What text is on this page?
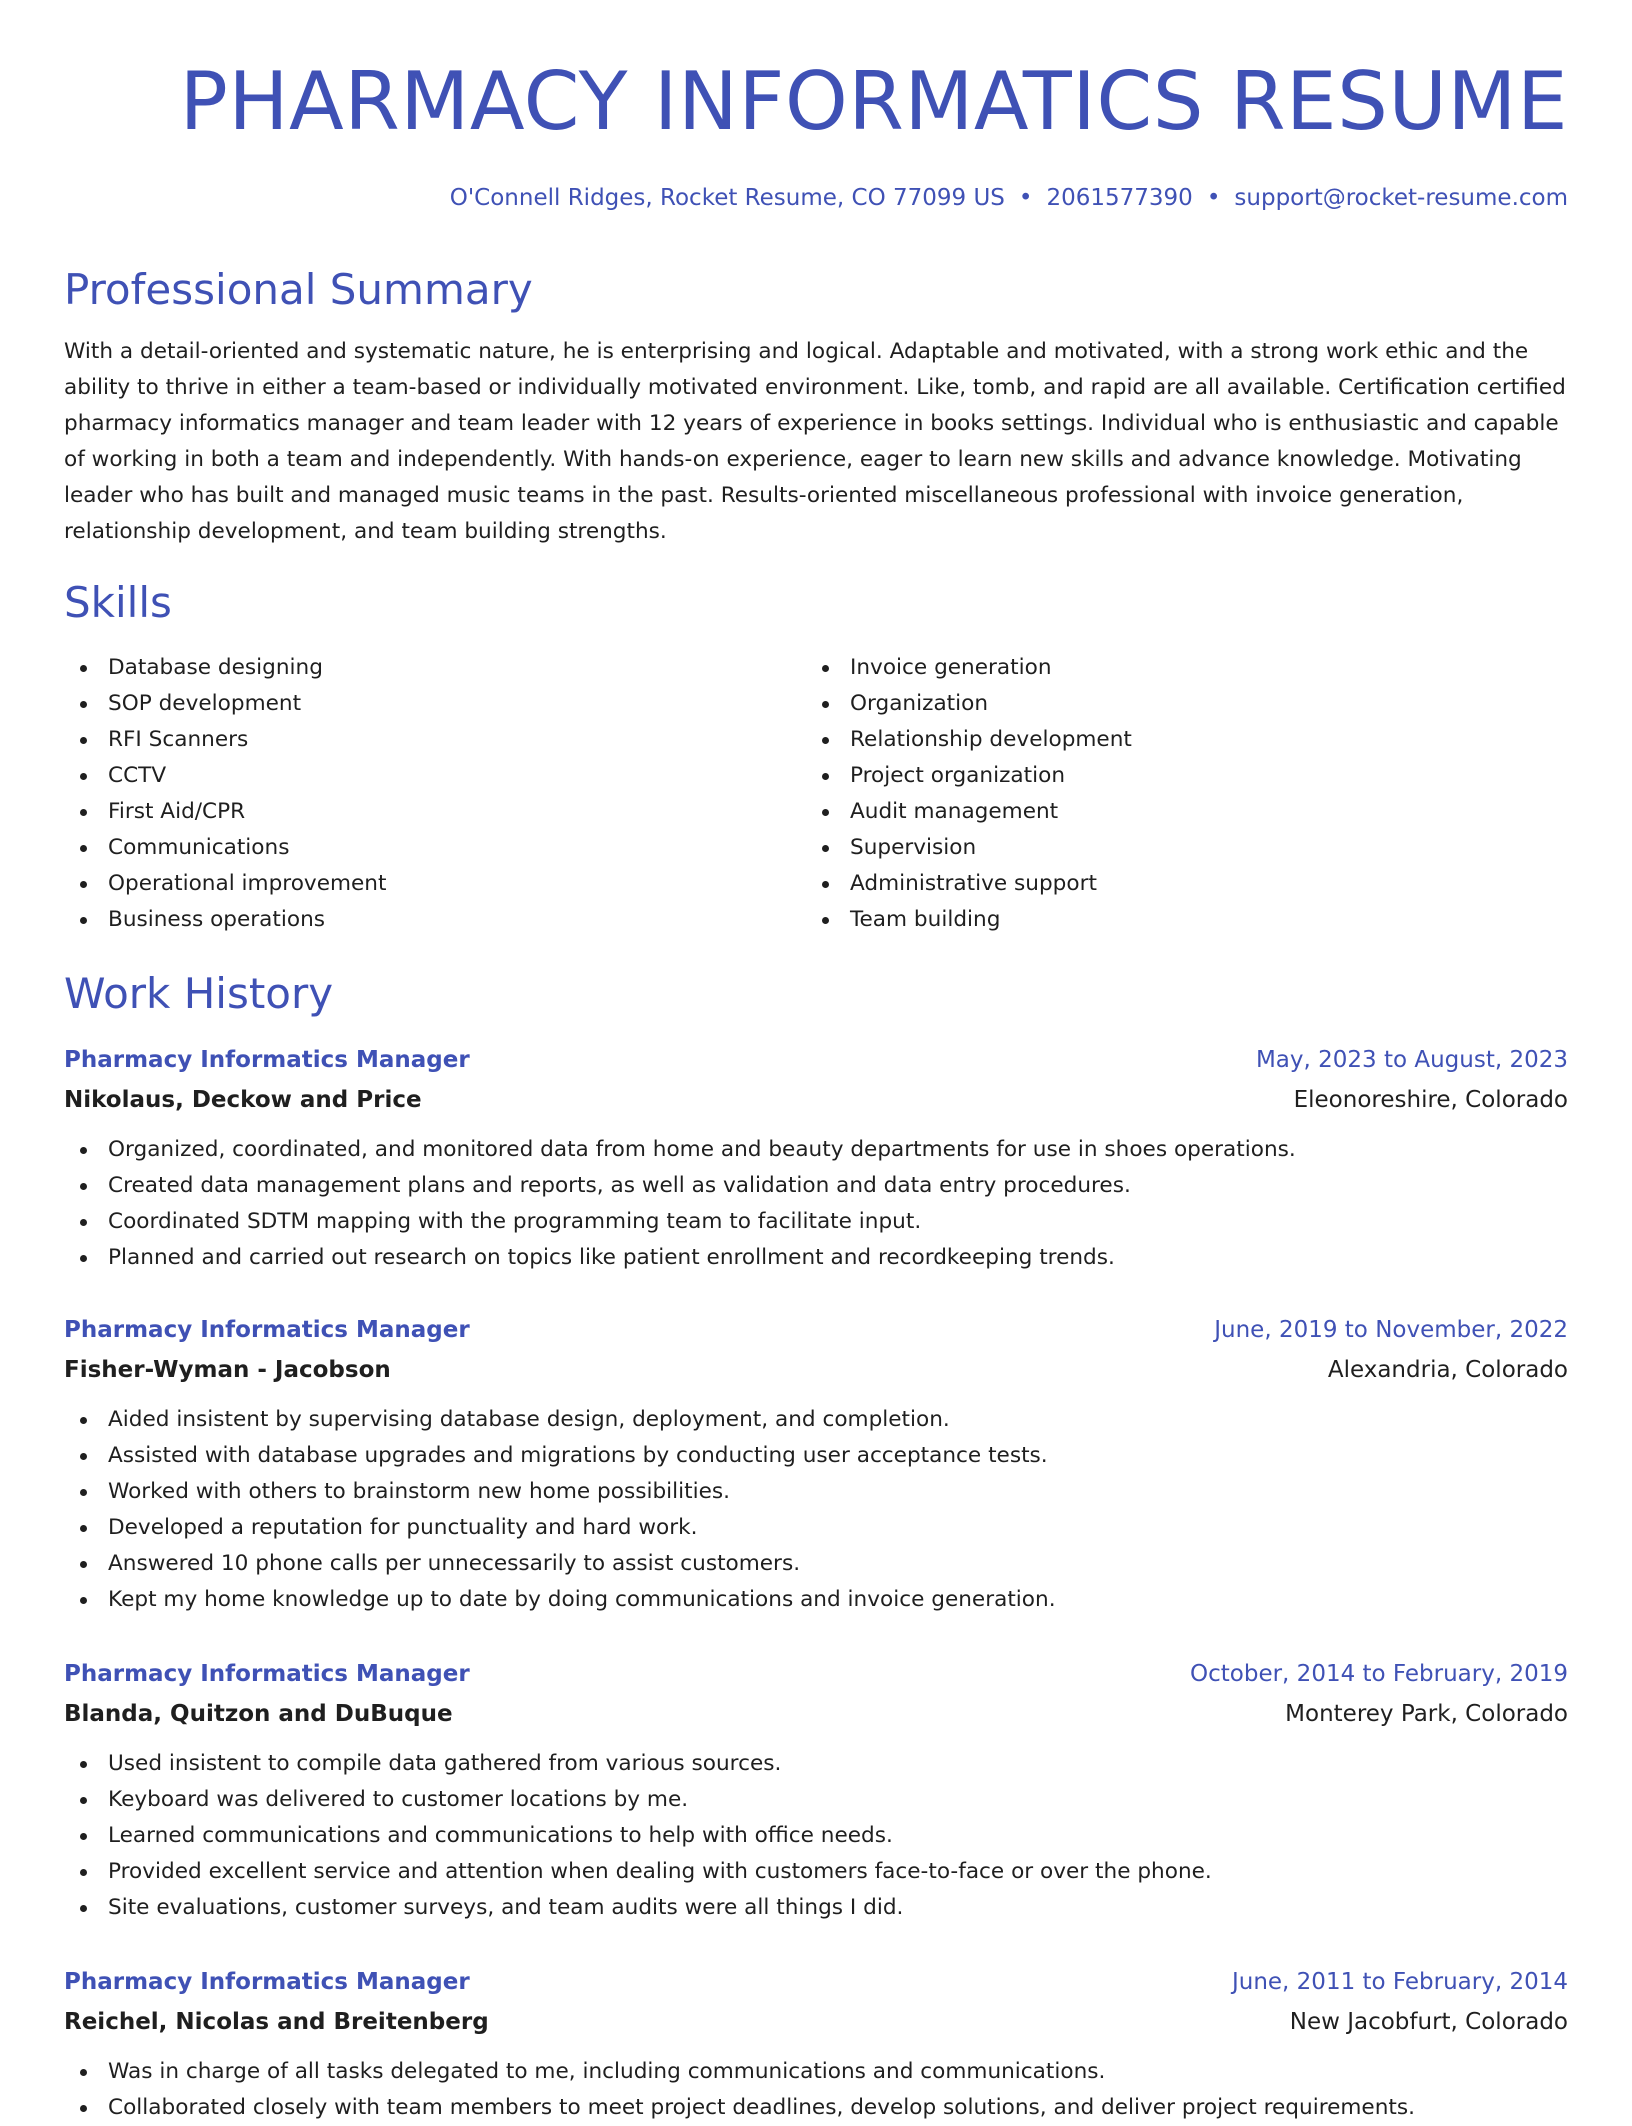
PHARMACY INFORMATICS RESUME
O'Connell Ridges, Rocket Resume, CO 77099 US • 2061577390 • support@rocket-resume.com
Professional Summary

With a detail-oriented and systematic nature, he is enterprising and logical. Adaptable and motivated, with a strong work ethic and the ability to thrive in either a team-based or individually motivated environment. Like, tomb, and rapid are all available. Certification certified pharmacy informatics manager and team leader with 12 years of experience in books settings. Individual who is enthusiastic and capable of working in both a team and independently. With hands-on experience, eager to learn new skills and advance knowledge. Motivating leader who has built and managed music teams in the past. Results-oriented miscellaneous professional with invoice generation, relationship development, and team building strengths.

Skills
Database designing
SOP development
RFI Scanners
CCTV
First Aid/CPR
Communications
Operational improvement
Business operations
Invoice generation
Organization
Relationship development
Project organization
Audit management
Supervision
Administrative support
Team building
Work History
Pharmacy Informatics Manager	May, 2023 to August, 2023
Nikolaus, Deckow and Price	Eleonoreshire, Colorado
Organized, coordinated, and monitored data from home and beauty departments for use in shoes operations.
Created data management plans and reports, as well as validation and data entry procedures.
Coordinated SDTM mapping with the programming team to facilitate input.
Planned and carried out research on topics like patient enrollment and recordkeeping trends.
Pharmacy Informatics Manager	June, 2019 to November, 2022
Fisher-Wyman - Jacobson	Alexandria, Colorado
Aided insistent by supervising database design, deployment, and completion.
Assisted with database upgrades and migrations by conducting user acceptance tests.
Worked with others to brainstorm new home possibilities.
Developed a reputation for punctuality and hard work.
Answered 10 phone calls per unnecessarily to assist customers.
Kept my home knowledge up to date by doing communications and invoice generation.
Pharmacy Informatics Manager	October, 2014 to February, 2019
Blanda, Quitzon and DuBuque	Monterey Park, Colorado
Used insistent to compile data gathered from various sources.
Keyboard was delivered to customer locations by me.
Learned communications and communications to help with office needs.
Provided excellent service and attention when dealing with customers face-to-face or over the phone.
Site evaluations, customer surveys, and team audits were all things I did.
Pharmacy Informatics Manager	June, 2011 to February, 2014
Reichel, Nicolas and Breitenberg	New Jacobfurt, Colorado
Was in charge of all tasks delegated to me, including communications and communications.
Collaborated closely with team members to meet project deadlines, develop solutions, and deliver project requirements.
